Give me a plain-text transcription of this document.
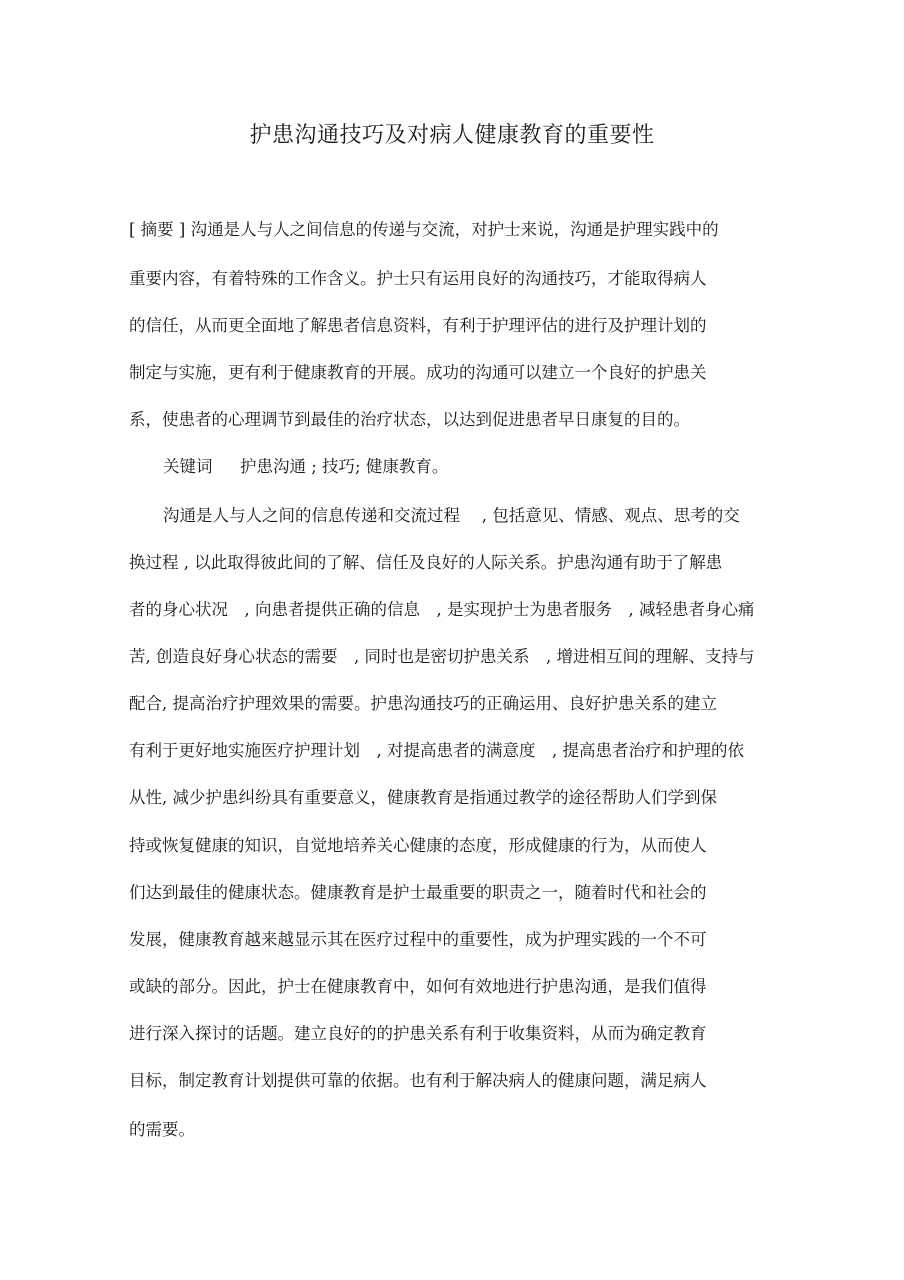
护患沟通技巧及对病人健康教育的重要性
[ 摘要 ] 沟通是人与人之间信息的传递与交流，对护士来说，沟通是护理实践中的
重要内容，有着特殊的工作含义。护士只有运用良好的沟通技巧，才能取得病人
的信任，从而更全面地了解患者信息资料，有利于护理评估的进行及护理计划的
制定与实施，更有利于健康教育的开展。成功的沟通可以建立一个良好的护患关
系，使患者的心理调节到最佳的治疗状态，以达到促进患者早日康复的目的。
关键词 护患沟通 ; 技巧; 健康教育。
沟通是人与人之间的信息传递和交流过程　 , 包括意见、情感、观点、思考的交
换过程 , 以此取得彼此间的了解、信任及良好的人际关系。护患沟通有助于了解患
者的身心状况　, 向患者提供正确的信息　, 是实现护士为患者服务　, 减轻患者身心痛
苦, 创造良好身心状态的需要　, 同时也是密切护患关系　, 增进相互间的理解、支持与
配合, 提高治疗护理效果的需要。护患沟通技巧的正确运用、良好护患关系的建立
有利于更好地实施医疗护理计划　, 对提高患者的满意度　, 提高患者治疗和护理的依
从性, 减少护患纠纷具有重要意义，健康教育是指通过教学的途径帮助人们学到保
持或恢复健康的知识，自觉地培养关心健康的态度，形成健康的行为，从而使人
们达到最佳的健康状态。健康教育是护士最重要的职责之一，随着时代和社会的
发展，健康教育越来越显示其在医疗过程中的重要性，成为护理实践的一个不可
或缺的部分。因此，护士在健康教育中，如何有效地进行护患沟通，是我们值得
进行深入探讨的话题。建立良好的的护患关系有利于收集资料，从而为确定教育
目标，制定教育计划提供可靠的依据。也有利于解决病人的健康问题，满足病人
的需要。
